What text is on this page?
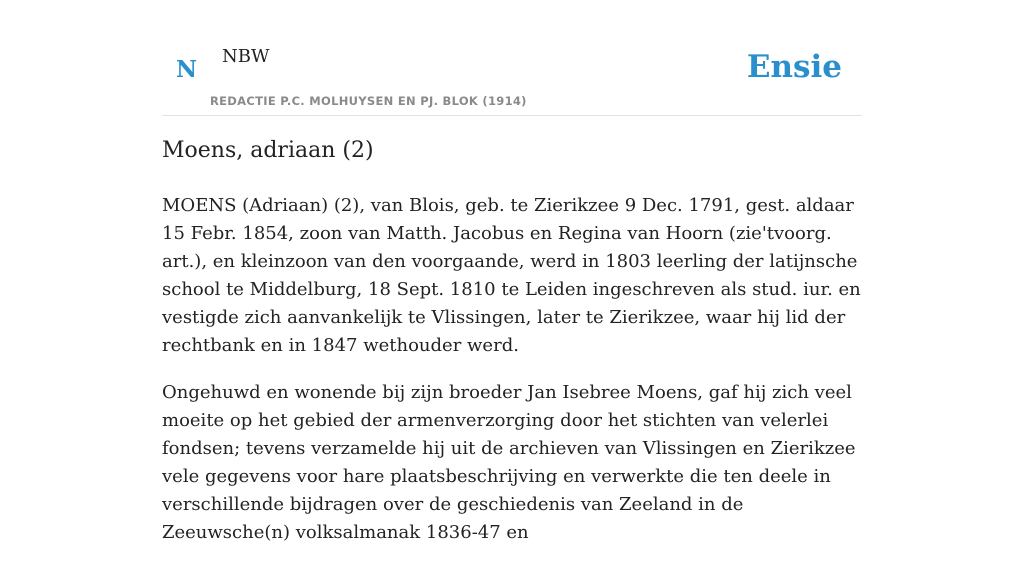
N NBW
REDACTIE P.C. MOLHUYSEN EN PJ. BLOK (1914)
Ensie
Moens, adriaan (2)

MOENS (Adriaan) (2), van Blois, geb. te Zierikzee 9 Dec. 1791, gest. aldaar 15 Febr. 1854, zoon van Matth. Jacobus en Regina van Hoorn (zie'tvoorg. art.), en kleinzoon van den voorgaande, werd in 1803 leerling der latijnsche school te Middelburg, 18 Sept. 1810 te Leiden ingeschreven als stud. iur. en vestigde zich aanvankelijk te Vlissingen, later te Zierikzee, waar hij lid der rechtbank en in 1847 wethouder werd.

Ongehuwd en wonende bij zijn broeder Jan Isebree Moens, gaf hij zich veel moeite op het gebied der armenverzorging door het stichten van velerlei fondsen; tevens verzamelde hij uit de archieven van Vlissingen en Zierikzee vele gegevens voor hare plaatsbeschrijving en verwerkte die ten deele in verschillende bijdragen over de geschiedenis van Zeeland in de Zeeuwsche(n) volksalmanak 1836-47 en
